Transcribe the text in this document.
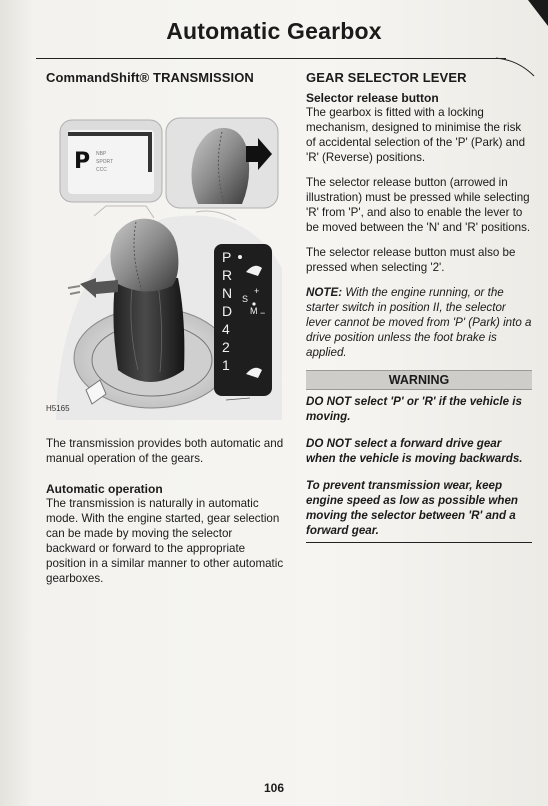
Automatic Gearbox

CommandShift® TRANSMISSION

P NBP
SPORT
CCC
P
R
N
D
4
2
1
S
M
+
−
H5165

The transmission provides both automatic and manual operation of the gears.

Automatic operation

The transmission is naturally in automatic mode. With the engine started, gear selection can be made by moving the selector backward or forward to the appropriate position in a similar manner to other automatic gearboxes.

GEAR SELECTOR LEVER

Selector release button

The gearbox is fitted with a locking mechanism, designed to minimise the risk of accidental selection of the 'P' (Park) and 'R' (Reverse) positions.

The selector release button (arrowed in illustration) must be pressed while selecting 'R' from 'P', and also to enable the lever to be moved between the 'N' and 'R' positions.

The selector release button must also be pressed when selecting '2'.

NOTE: With the engine running, or the starter switch in position II, the selector lever cannot be moved from 'P' (Park) into a drive position unless the foot brake is applied.

WARNING

DO NOT select 'P' or 'R' if the vehicle is moving.

DO NOT select a forward drive gear when the vehicle is moving backwards.

To prevent transmission wear, keep engine speed as low as possible when moving the selector between 'R' and a forward gear.

106
